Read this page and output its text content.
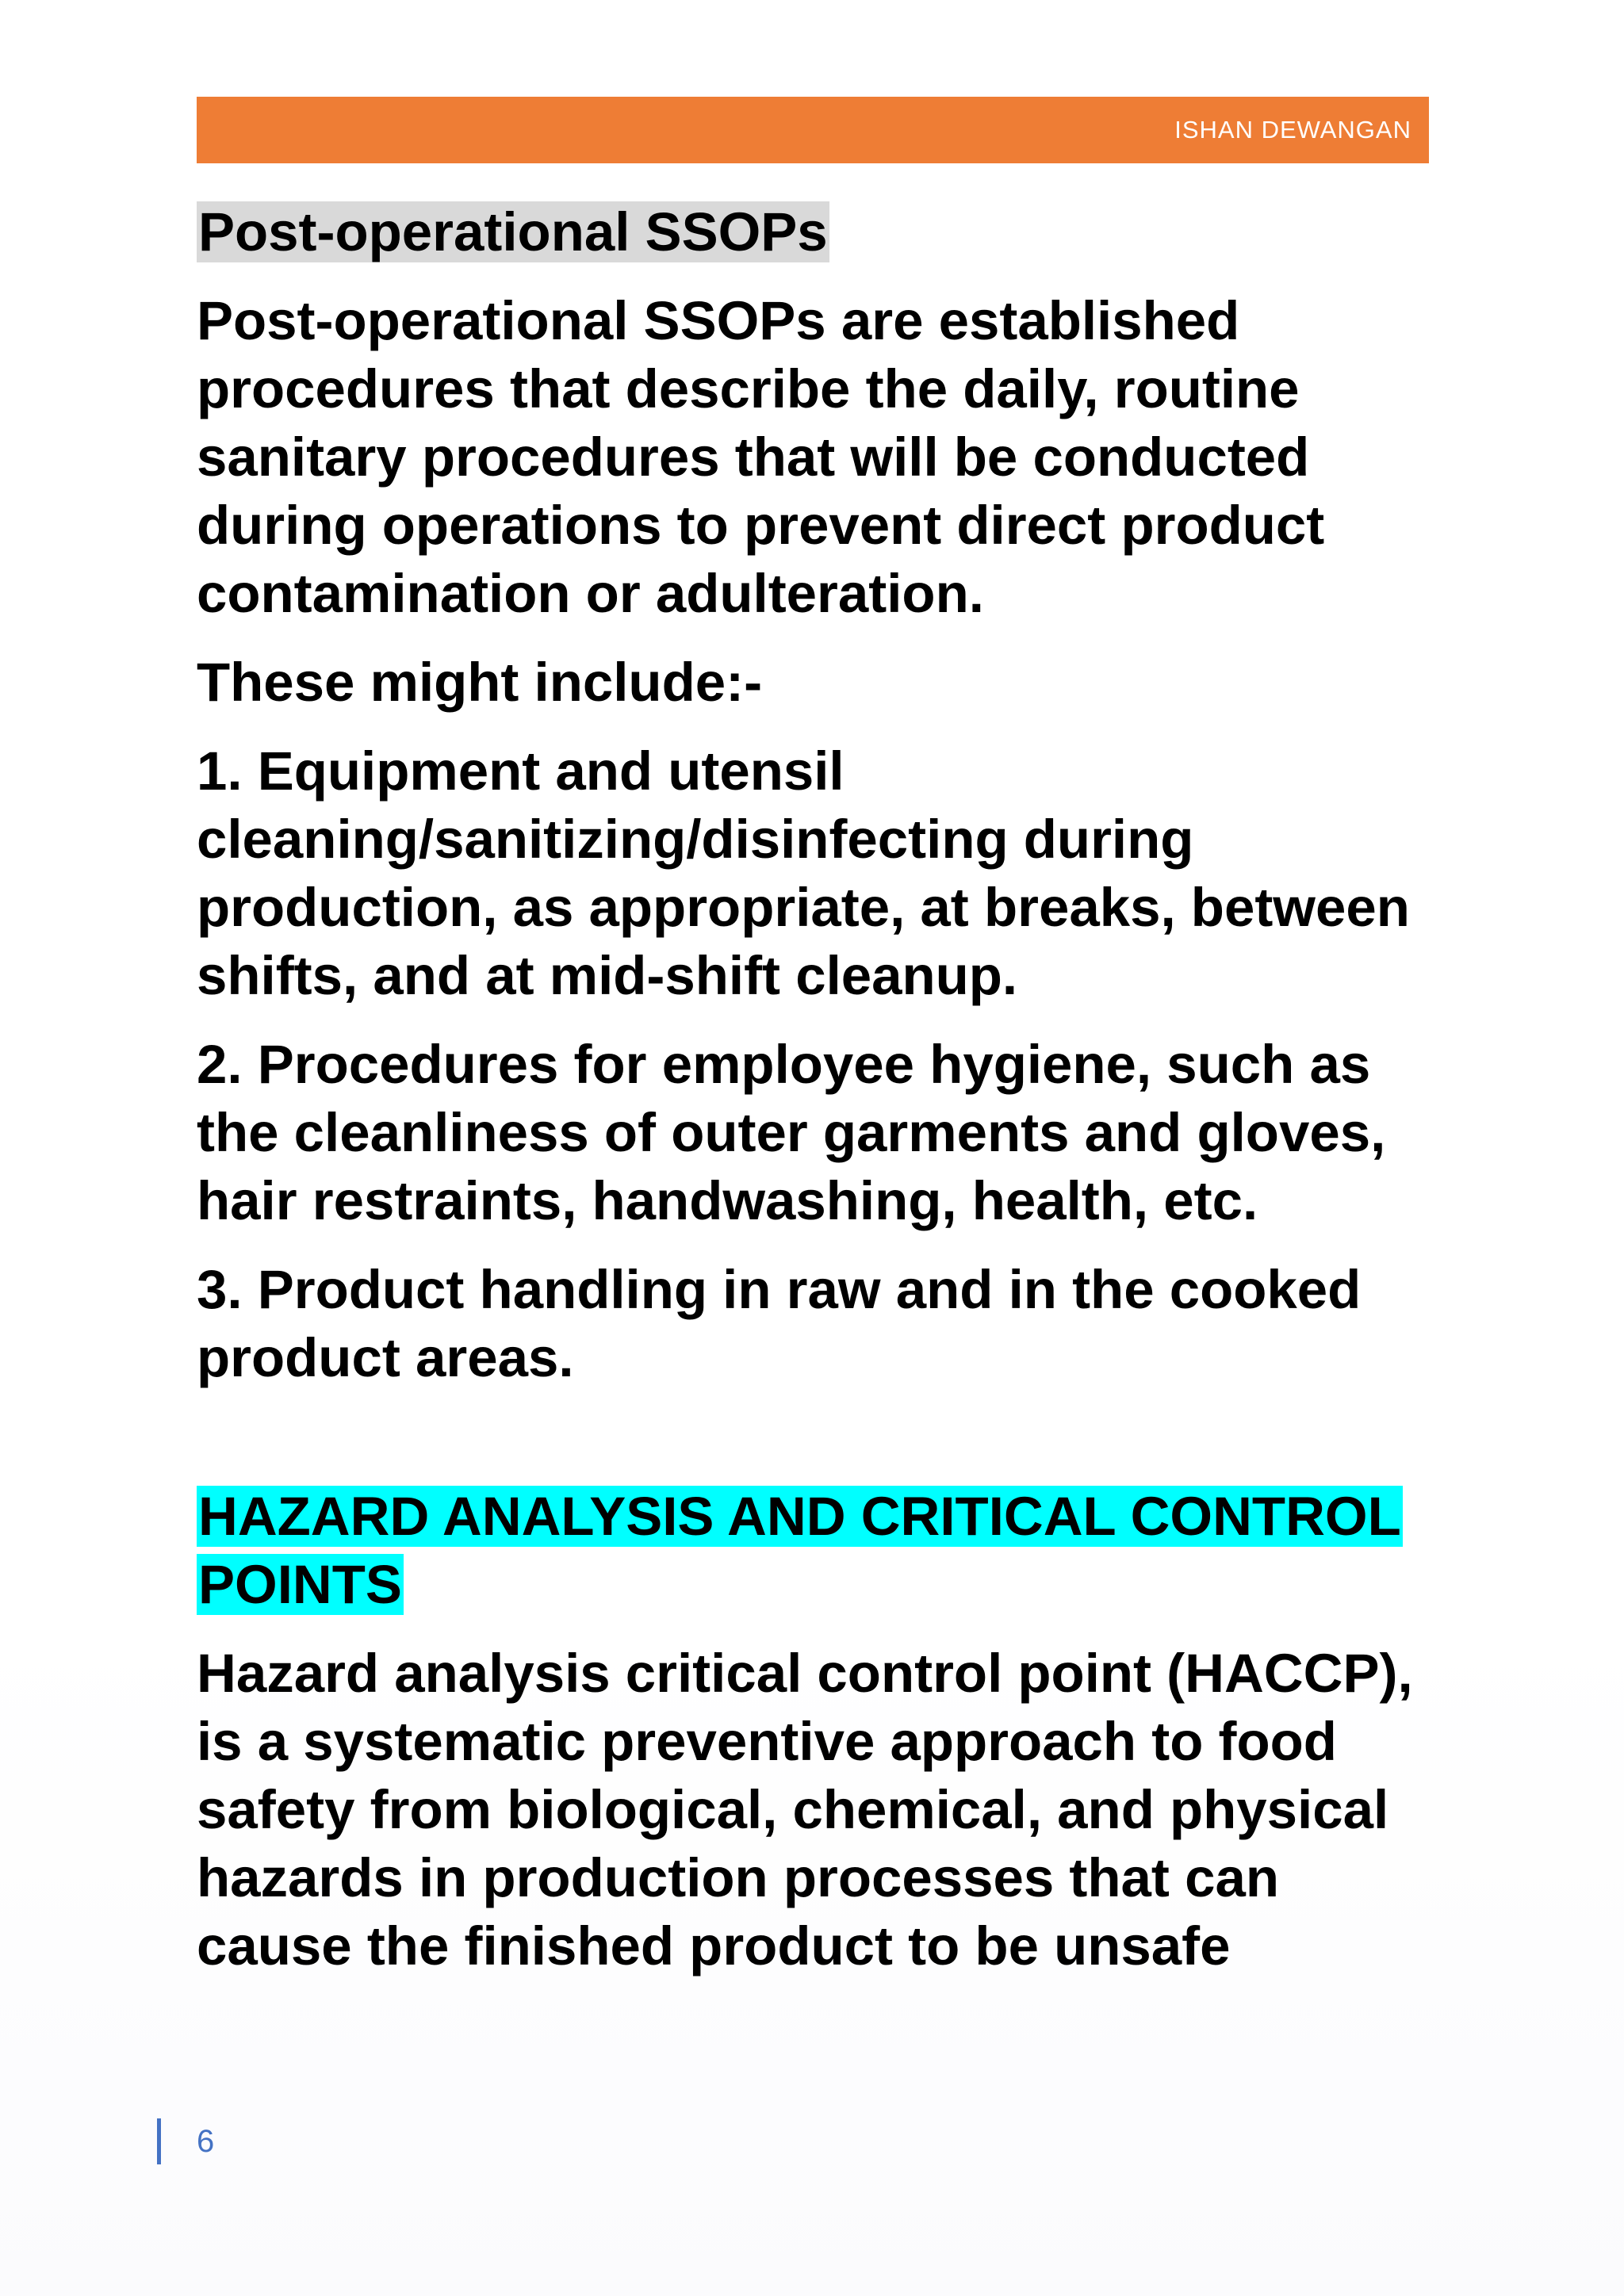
ISHAN DEWANGAN
Post-operational SSOPs

Post-operational SSOPs are established procedures that describe the daily, routine sanitary procedures that will be conducted during operations to prevent direct product contamination or adulteration.

These might include:-

1. Equipment and utensil cleaning/sanitizing/disinfecting during production, as appropriate, at breaks, between shifts, and at mid-shift cleanup.

2. Procedures for employee hygiene, such as the cleanliness of outer garments and gloves, hair restraints, handwashing, health, etc.

3. Product handling in raw and in the cooked product areas.

HAZARD ANALYSIS AND CRITICAL CONTROL POINTS

Hazard analysis critical control point (HACCP), is a systematic preventive approach to food safety from biological, chemical, and physical hazards in production processes that can cause the finished product to be unsafe

6
